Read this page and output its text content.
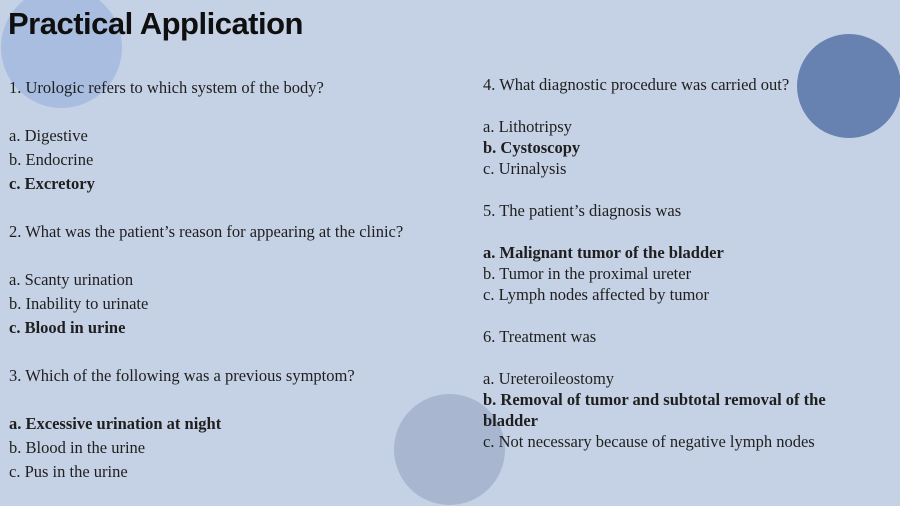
Practical Application

1. Urologic refers to which system of the body?

a. Digestive

b. Endocrine

c. Excretory

2. What was the patient’s reason for appearing at the clinic?

a. Scanty urination

b. Inability to urinate

c. Blood in urine

3. Which of the following was a previous symptom?

a. Excessive urination at night

b. Blood in the urine

c. Pus in the urine

4. What diagnostic procedure was carried out?

a. Lithotripsy

b. Cystoscopy

c. Urinalysis

5. The patient’s diagnosis was

a. Malignant tumor of the bladder

b. Tumor in the proximal ureter

c. Lymph nodes affected by tumor

6. Treatment was

a. Ureteroileostomy

b. Removal of tumor and subtotal removal of the bladder

c. Not necessary because of negative lymph nodes
